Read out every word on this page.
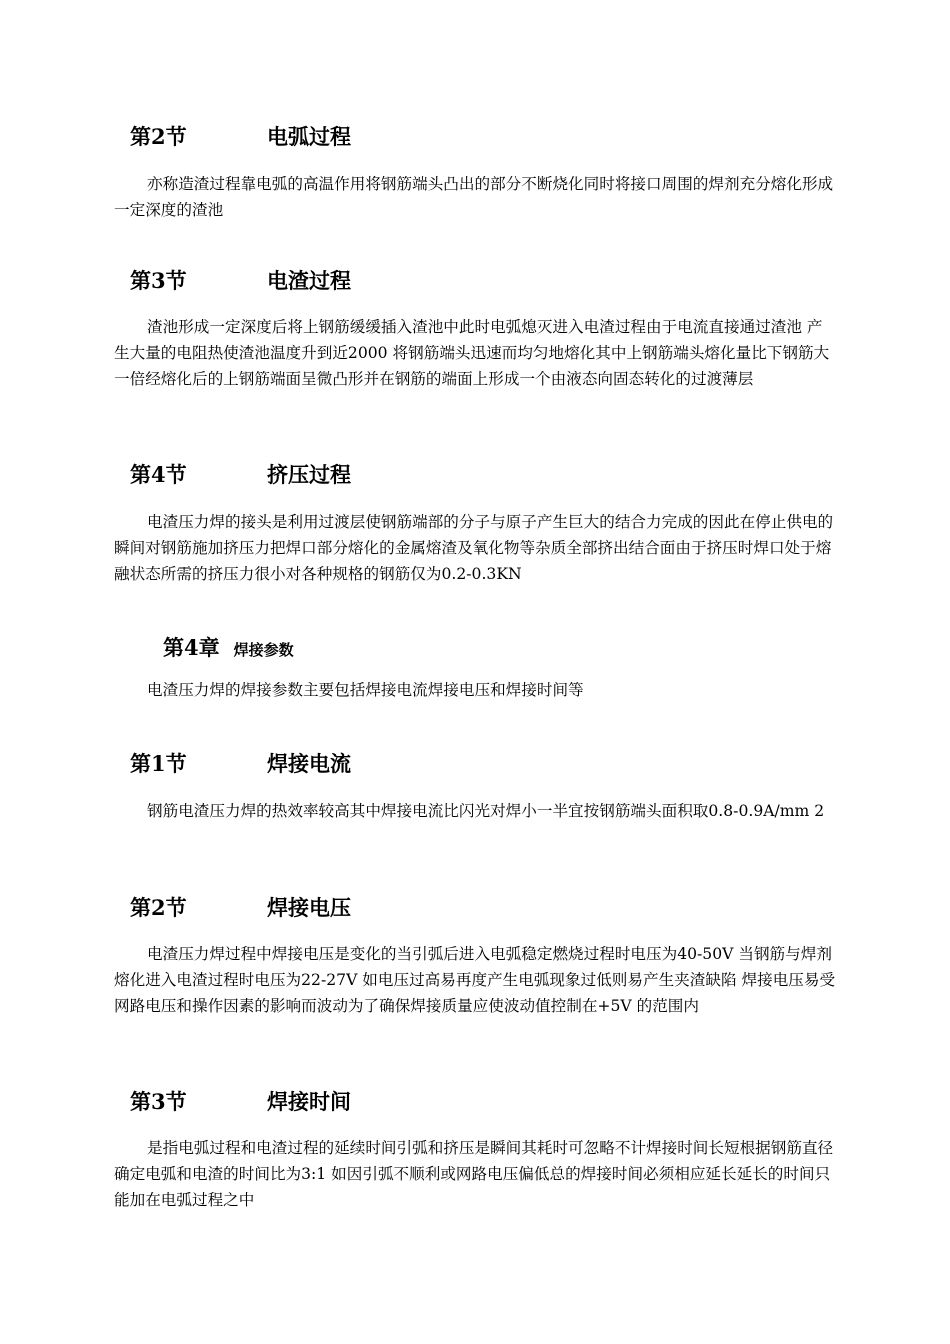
第2节	电弧过程

亦称造渣过程靠电弧的高温作用将钢筋端头凸出的部分不断烧化同时将接口周围的焊剂充分熔化形成一定深度的渣池

第3节	电渣过程

渣池形成一定深度后将上钢筋缓缓插入渣池中此时电弧熄灭进入电渣过程由于电流直接通过渣池 产生大量的电阻热使渣池温度升到近2000 将钢筋端头迅速而均匀地熔化其中上钢筋端头熔化量比下钢筋大一倍经熔化后的上钢筋端面呈微凸形并在钢筋的端面上形成一个由液态向固态转化的过渡薄层

第4节	挤压过程

电渣压力焊的接头是利用过渡层使钢筋端部的分子与原子产生巨大的结合力完成的因此在停止供电的瞬间对钢筋施加挤压力把焊口部分熔化的金属熔渣及氧化物等杂质全部挤出结合面由于挤压时焊口处于熔融状态所需的挤压力很小对各种规格的钢筋仅为0.2-0.3KN

第4章 焊接参数

电渣压力焊的焊接参数主要包括焊接电流焊接电压和焊接时间等

第1节	焊接电流

钢筋电渣压力焊的热效率较高其中焊接电流比闪光对焊小一半宜按钢筋端头面积取0.8-0.9A/mm 2

第2节	焊接电压

电渣压力焊过程中焊接电压是变化的当引弧后进入电弧稳定燃烧过程时电压为40-50V 当钢筋与焊剂熔化进入电渣过程时电压为22-27V 如电压过高易再度产生电弧现象过低则易产生夹渣缺陷 焊接电压易受网路电压和操作因素的影响而波动为了确保焊接质量应使波动值控制在+5V 的范围内

第3节	焊接时间

是指电弧过程和电渣过程的延续时间引弧和挤压是瞬间其耗时可忽略不计焊接时间长短根据钢筋直径确定电弧和电渣的时间比为3:1 如因引弧不顺利或网路电压偏低总的焊接时间必须相应延长延长的时间只能加在电弧过程之中
